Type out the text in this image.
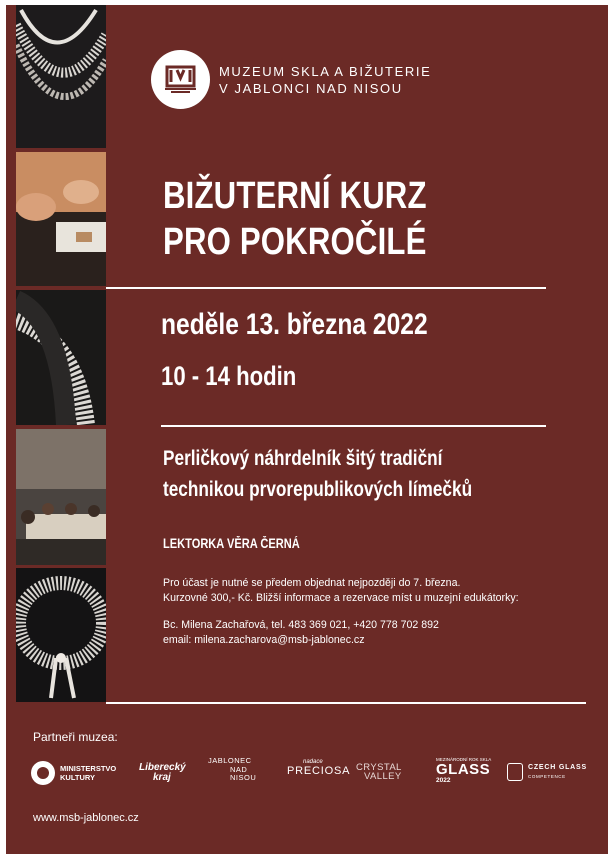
MUZEUM SKLA A BIŽUTERIE
V JABLONCI NAD NISOU
BIŽUTERNÍ KURZ
PRO POKROČILÉ
neděle 13. března 2022
10 - 14 hodin
Perličkový náhrdelník šitý tradiční
technikou prvorepublikových límečků
LEKTORKA VĚRA ČERNÁ
Pro účast je nutné se předem objednat nejpozději do 7. března.
Kurzovné 300,- Kč. Bližší informace a rezervace míst u muzejní edukátorky:
Bc. Milena Zachařová, tel. 483 369 021, +420 778 702 892
email: milena.zacharova@msb-jablonec.cz
Partneři muzea:
MINISTERSTVO
KULTURY
Liberecký
kraj
JABLONEC
NAD
NISOU
nadace
PRECIOSA CRYSTAL
VALLEY
MEZINÁRODNÍ ROK SKLA
GLASS
2022
CZECH GLASS
COMPETENCE
www.msb-jablonec.cz
